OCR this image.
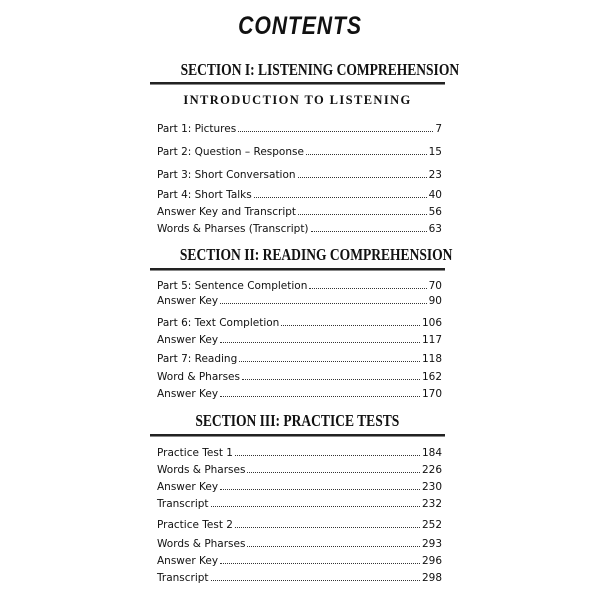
CONTENTS
SECTION I: LISTENING COMPREHENSION
INTRODUCTION TO LISTENING
Part 1: Pictures	7
Part 2: Question – Response	15
Part 3: Short Conversation	23
Part 4: Short Talks	40
Answer Key and Transcript	56
Words & Pharses (Transcript)	63
SECTION II: READING COMPREHENSION
Part 5: Sentence Completion	70
Answer Key	90
Part 6: Text Completion	106
Answer Key	117
Part 7: Reading	118
Word & Pharses	162
Answer Key	170
SECTION III: PRACTICE TESTS
Practice Test 1	184
Words & Pharses	226
Answer Key	230
Transcript	232
Practice Test 2	252
Words & Pharses	293
Answer Key	296
Transcript	298
